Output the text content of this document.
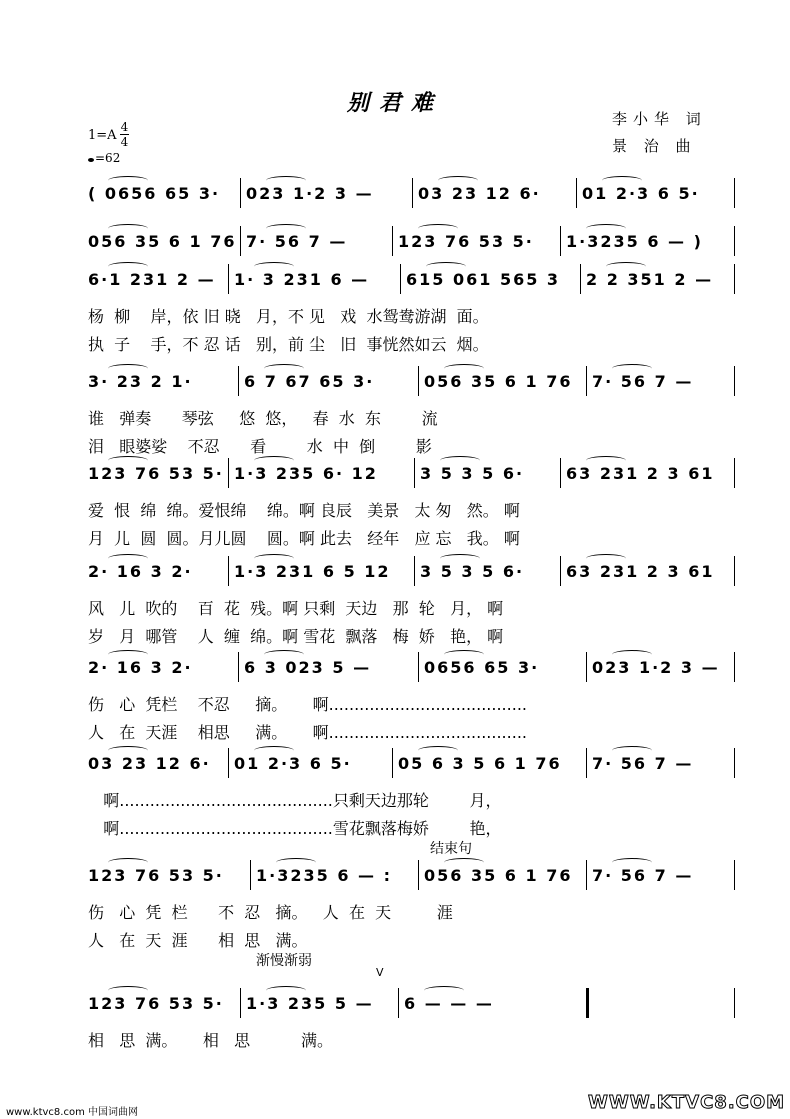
别君难
李小华 词
景 治 曲
1=A
4
4
=62
( 0656 65 3· 023 1·2 3 —	03 23 12 6·	01 2·3 6 5·
056 35 6 1 76 7· 56 7 —	123 76 53 5· 1·3235 6 — )
6·1 231 2 — 1· 3 231 6 — 615 061 565 3 2 2 351 2 —
杨  柳    岸，依 旧 晓   月，不 见   戏  水鸳鸯游湖  面。
执  子    手，不 忍 话   别，前 尘   旧  事恍然如云  烟。
3· 23 2 1·	6 7 67 65 3·	056 35 6 1 76 7· 56 7 —
谁   弹奏      琴弦     悠  悠，   春  水  东        流
泪   眼婆娑    不忍      看        水  中  倒        影
123 76 53 5· 1·3 235 6· 12	3 5 3 5 6·	63 231 2 3 61
爱  恨  绵  绵。爱恨绵    绵。啊 良辰   美景   太 匆   然。 啊
月  儿  圆  圆。月儿圆    圆。啊 此去   经年   应 忘   我。 啊
2· 16 3 2·	1·3 231 6 5 12 3 5 3 5 6·	63 231 2 3 61
风   儿  吹的    百  花  残。啊 只剩  天边   那  轮   月， 啊
岁   月  哪管    人  缠  绵。啊 雪花  飘落   梅  娇   艳， 啊
2· 16 3 2·	6 3 023 5 —	0656 65 3·	023 1·2 3 —
伤   心  凭栏    不忍     摘。     啊.......................................
人   在  天涯    相思     满。     啊.......................................
03 23 12 6· 01 2·3 6 5·	05 6 3 5 6 1 76 7· 56 7 —
啊..........................................只剩天边那轮        月，
啊..........................................雪花飘落梅娇        艳，
123 76 53 5· 1·3235 6 — : 056 35 6 1 76 7· 56 7 —
伤   心  凭  栏      不  忍   摘。   人  在  天         涯
人   在  天  涯      相  思   满。
结束句
123 76 53 5· 1·3 235 5 — 6 — — —
相   思  满。     相   思          满。
渐慢渐弱
V
www.ktvc8.com 中国词曲网	WWW.KTVC8.COM
